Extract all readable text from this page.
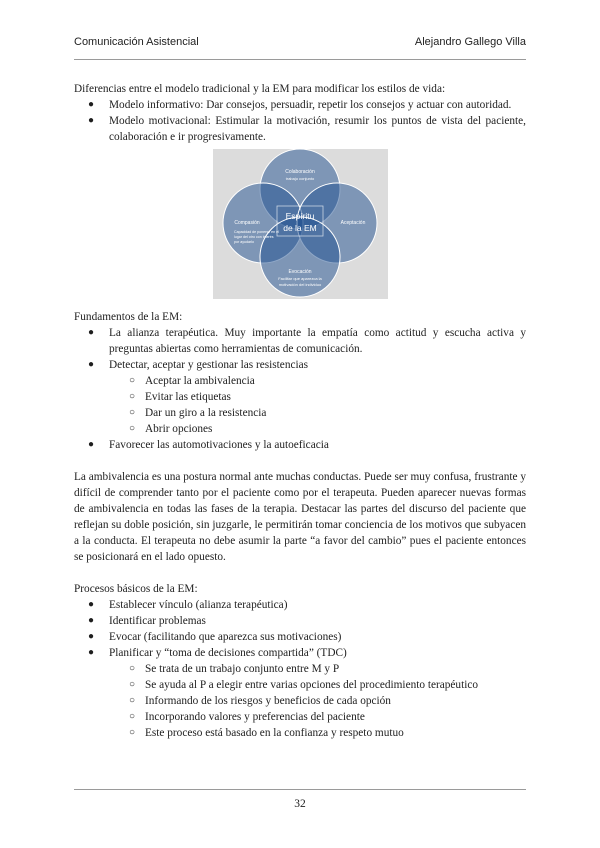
Comunicación Asistencial	Alejandro Gallego Villa

Diferencias entre el modelo tradicional y la EM para modificar los estilos de vida:

● Modelo informativo: Dar consejos, persuadir, repetir los consejos y actuar con autoridad.
● Modelo motivacional: Estimular la motivación, resumir los puntos de vista del paciente, colaboración e ir progresivamente.
Espíritu
de la EM
Colaboración
trabajo conjunto
Compasión	Aceptación
Evocación
Facilitar que aparezca la
motivación del individuo
Capacidad de ponerse en el
lugar del otro con interés
por ayudarlo

Fundamentos de la EM:

● La alianza terapéutica. Muy importante la empatía como actitud y escucha activa y preguntas abiertas como herramientas de comunicación.
● Detectar, aceptar y gestionar las resistencias
○ Aceptar la ambivalencia
○ Evitar las etiquetas
○ Dar un giro a la resistencia
○ Abrir opciones
● Favorecer las automotivaciones y la autoeficacia

La ambivalencia es una postura normal ante muchas conductas. Puede ser muy confusa, frustrante y difícil de comprender tanto por el paciente como por el terapeuta. Pueden aparecer nuevas formas de ambivalencia en todas las fases de la terapia. Destacar las partes del discurso del paciente que reflejan su doble posición, sin juzgarle, le permitirán tomar conciencia de los motivos que subyacen a la conducta. El terapeuta no debe asumir la parte “a favor del cambio” pues el paciente entonces se posicionará en el lado opuesto.

Procesos básicos de la EM:

● Establecer vínculo (alianza terapéutica)
● Identificar problemas
● Evocar (facilitando que aparezca sus motivaciones)
● Planificar y “toma de decisiones compartida” (TDC)
○ Se trata de un trabajo conjunto entre M y P
○ Se ayuda al P a elegir entre varias opciones del procedimiento terapéutico
○ Informando de los riesgos y beneficios de cada opción
○ Incorporando valores y preferencias del paciente
○ Este proceso está basado en la confianza y respeto mutuo
32
